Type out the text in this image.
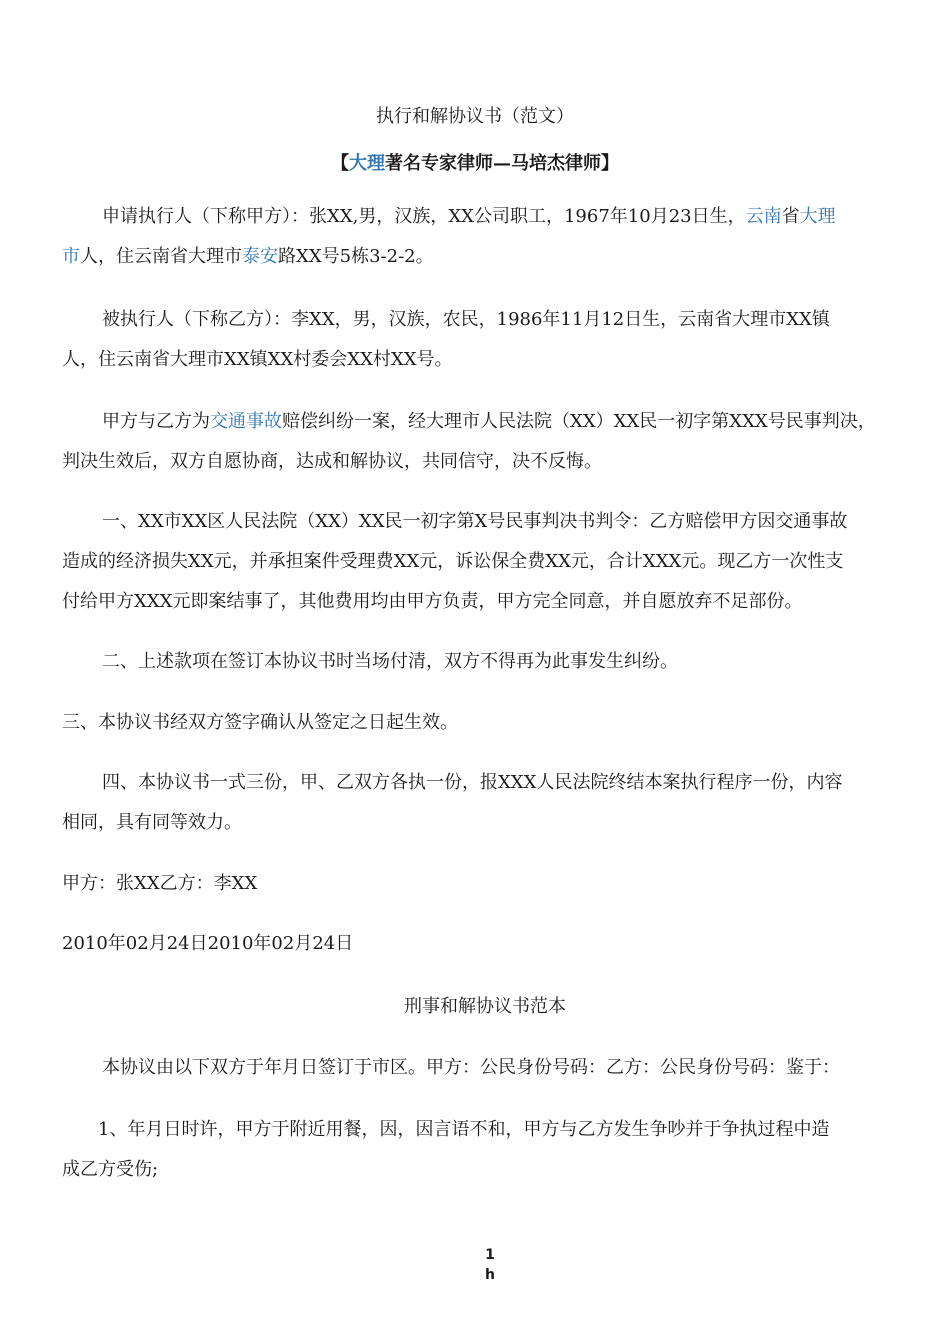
执行和解协议书（范文）
【大理著名专家律师—马培杰律师】
申请执行人（下称甲方）：张XX,男，汉族，XX公司职工，1967年10月23日生，云南省大理
市人，住云南省大理市泰安路XX号5栋3-2-2。
被执行人（下称乙方）：李XX，男，汉族，农民，1986年11月12日生，云南省大理市XX镇
人，住云南省大理市XX镇XX村委会XX村XX号。
甲方与乙方为交通事故赔偿纠纷一案，经大理市人民法院（XX）XX民一初字第XXX号民事判决，
判决生效后，双方自愿协商，达成和解协议，共同信守，决不反悔。
一、XX市XX区人民法院（XX）XX民一初字第X号民事判决书判令：乙方赔偿甲方因交通事故
造成的经济损失XX元，并承担案件受理费XX元，诉讼保全费XX元，合计XXX元。现乙方一次性支
付给甲方XXX元即案结事了，其他费用均由甲方负责，甲方完全同意，并自愿放弃不足部份。
二、上述款项在签订本协议书时当场付清，双方不得再为此事发生纠纷。
三、本协议书经双方签字确认从签定之日起生效。
四、本协议书一式三份，甲、乙双方各执一份，报XXX人民法院终结本案执行程序一份，内容
相同，具有同等效力。
甲方：张XX乙方：李XX
2010年02月24日2010年02月24日
刑事和解协议书范本
本协议由以下双方于年月日签订于市区。甲方：公民身份号码：乙方：公民身份号码：鉴于：
1、年月日时许，甲方于附近用餐，因，因言语不和，甲方与乙方发生争吵并于争执过程中造
成乙方受伤;
1
h
